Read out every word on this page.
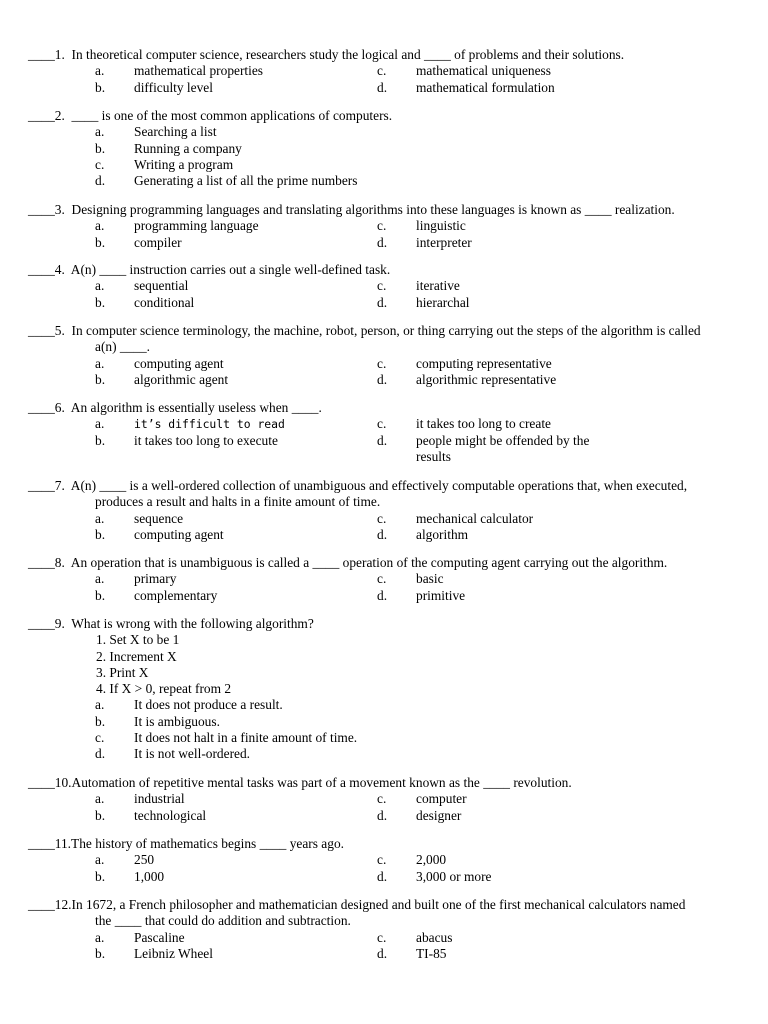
____1. In theoretical computer science, researchers study the logical and ____ of problems and their solutions.
a. mathematical properties	c. mathematical uniqueness
b. difficulty level	d. mathematical formulation
____2. ____ is one of the most common applications of computers.
a. Searching a list
b. Running a company
c. Writing a program
d. Generating a list of all the prime numbers
____3. Designing programming languages and translating algorithms into these languages is known as ____ realization.
a. programming language	c. linguistic
b. compiler	d. interpreter
____4. A(n) ____ instruction carries out a single well-defined task.
a. sequential	c. iterative
b. conditional	d. hierarchal
____5. In computer science terminology, the machine, robot, person, or thing carrying out the steps of the algorithm is called
a(n) ____.
a. computing agent	c. computing representative
b. algorithmic agent	d. algorithmic representative
____6. An algorithm is essentially useless when ____.
a.	it’s difficult to read	c. it takes too long to create
b. it takes too long to execute	d. people might be offended by the results
____7. A(n) ____ is a well-ordered collection of unambiguous and effectively computable operations that, when executed,
produces a result and halts in a finite amount of time.
a. sequence	c. mechanical calculator
b. computing agent	d. algorithm
____8. An operation that is unambiguous is called a ____ operation of the computing agent carrying out the algorithm.
a. primary	c. basic
b. complementary	d. primitive
____9. What is wrong with the following algorithm?
1. Set X to be 1
2. Increment X
3. Print X
4. If X > 0, repeat from 2
a. It does not produce a result.
b. It is ambiguous.
c. It does not halt in a finite amount of time.
d. It is not well-ordered.
____10.Automation of repetitive mental tasks was part of a movement known as the ____ revolution.
a. industrial	c. computer
b. technological	d. designer
____11.The history of mathematics begins ____ years ago.
a. 250	c. 2,000
b. 1,000	d. 3,000 or more
____12.In 1672, a French philosopher and mathematician designed and built one of the first mechanical calculators named
the ____ that could do addition and subtraction.
a. Pascaline	c. abacus
b. Leibniz Wheel	d. TI-85
